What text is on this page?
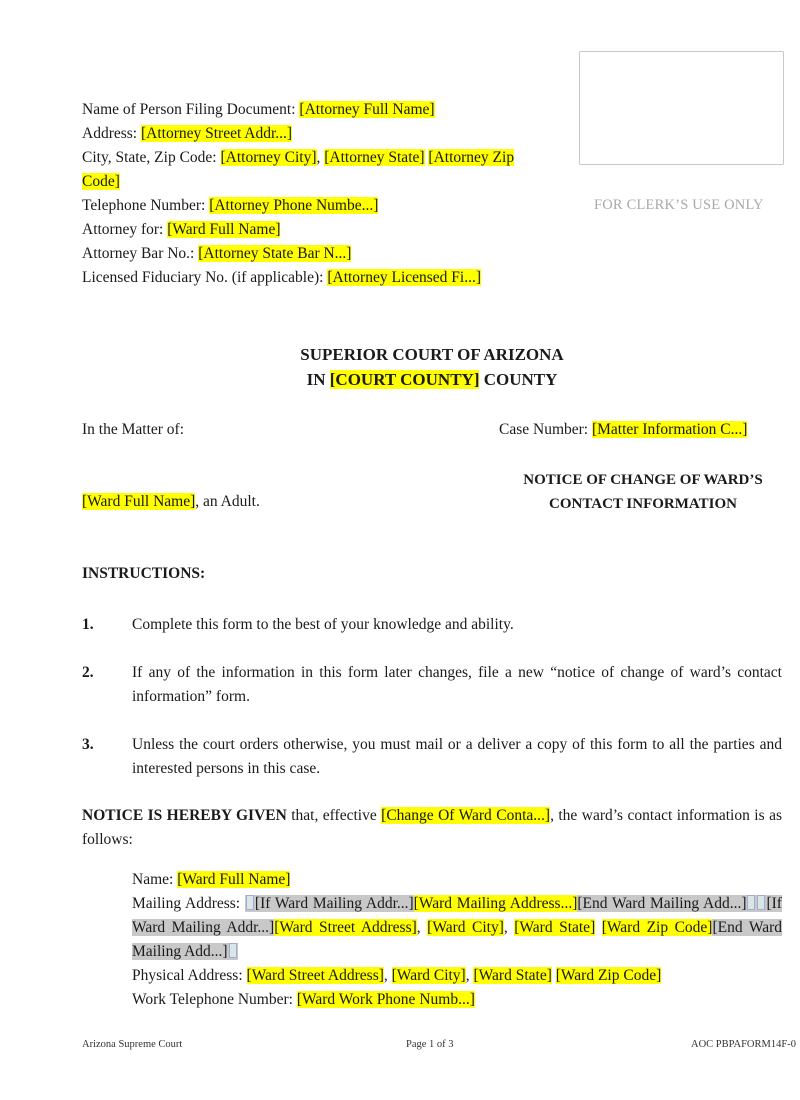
Name of Person Filing Document: [Attorney Full Name]
Address: [Attorney Street Addr...]
City, State, Zip Code: [Attorney City], [Attorney State] [Attorney Zip
Code]
Telephone Number: [Attorney Phone Numbe...]
Attorney for: [Ward Full Name]
Attorney Bar No.: [Attorney State Bar N...]
Licensed Fiduciary No. (if applicable): [Attorney Licensed Fi...]
FOR CLERK’S USE ONLY
SUPERIOR COURT OF ARIZONA
IN [COURT COUNTY] COUNTY
In the Matter of:	Case Number: [Matter Information C...]
NOTICE OF CHANGE OF WARD’S
CONTACT INFORMATION
[Ward Full Name], an Adult.
INSTRUCTIONS:
1. Complete this form to the best of your knowledge and ability.
2. If any of the information in this form later changes, file a new “notice of change of ward’s contact information” form.
3. Unless the court orders otherwise, you must mail or a deliver a copy of this form to all the parties and interested persons in this case.
NOTICE IS HEREBY GIVEN that, effective [Change Of Ward Conta...], the ward’s contact information is as follows:
Name: [Ward Full Name]
Mailing Address: [If Ward Mailing Addr...][Ward Mailing Address...][End Ward Mailing Add...] [If Ward Mailing Addr...][Ward Street Address], [Ward City], [Ward State] [Ward Zip Code][End Ward Mailing Add...]
Physical Address: [Ward Street Address], [Ward City], [Ward State] [Ward Zip Code]
Work Telephone Number: [Ward Work Phone Numb...]
Arizona Supreme Court	Page 1 of 3	AOC PBPAFORM14F-0
